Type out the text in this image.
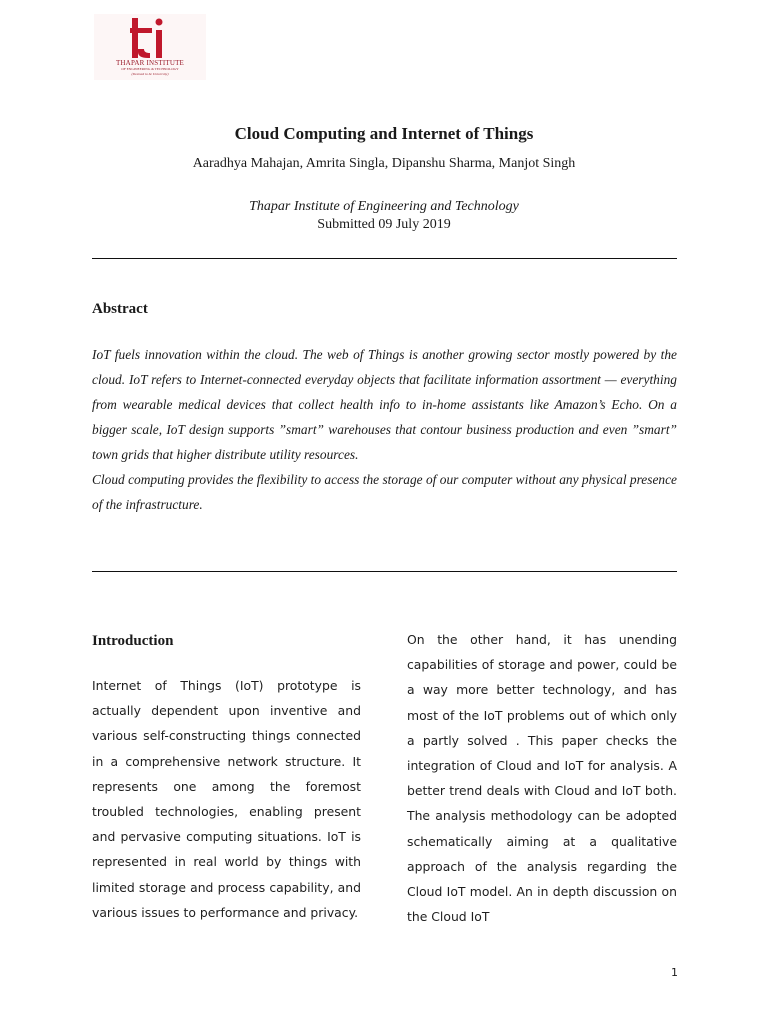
THAPAR INSTITUTE
OF ENGINEERING & TECHNOLOGY
(Deemed to be University)
Cloud Computing and Internet of Things
Aaradhya Mahajan, Amrita Singla, Dipanshu Sharma, Manjot Singh
Thapar Institute of Engineering and Technology
Submitted 09 July 2019
Abstract

IoT fuels innovation within the cloud. The web of Things is another growing sector mostly powered by the cloud. IoT refers to Internet-connected everyday objects that facilitate information assortment — everything from wearable medical devices that collect health info to in-home assistants like Amazon’s Echo. On a bigger scale, IoT design supports ”smart” warehouses that contour business production and even ”smart” town grids that higher distribute utility resources.

Cloud computing provides the flexibility to access the storage of our computer without any physical presence of the infrastructure.

Introduction
Internet of Things (IoT) prototype is actually dependent upon inventive and various self-constructing things connected in a comprehensive network structure. It represents one among the foremost troubled technologies, enabling present and pervasive computing situations. IoT is represented in real world by things with limited storage and process capability, and various issues to performance and privacy.
On the other hand, it has unending capabilities of storage and power, could be a way more better technology, and has most of the IoT problems out of which only a partly solved . This paper checks the integration of Cloud and IoT for analysis. A better trend deals with Cloud and IoT both. The analysis methodology can be adopted schematically aiming at a qualitative approach of the analysis regarding the Cloud IoT model. An in depth discussion on the Cloud IoT
1
